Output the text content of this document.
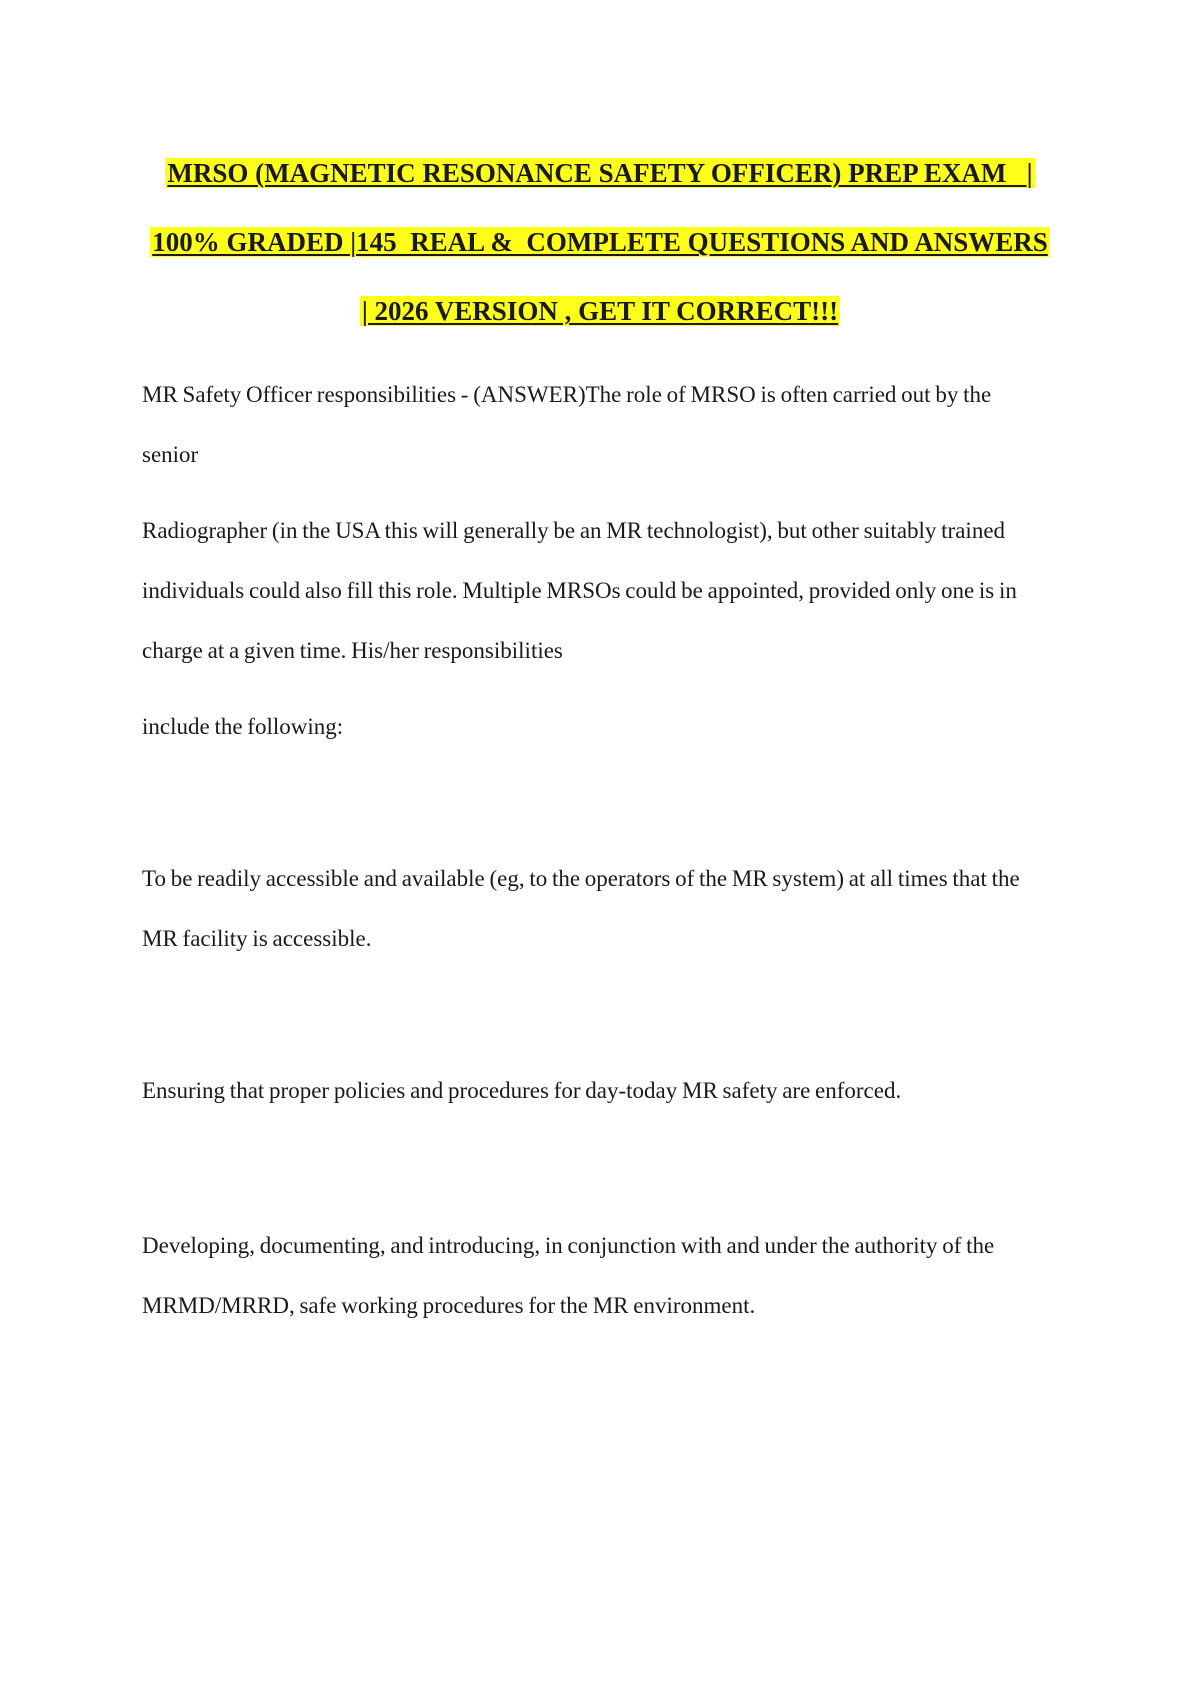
MRSO (MAGNETIC RESONANCE SAFETY OFFICER) PREP EXAM   |
100% GRADED |145  REAL &  COMPLETE QUESTIONS AND ANSWERS
| 2026 VERSION , GET IT CORRECT!!!
MR Safety Officer responsibilities - (ANSWER)The role of MRSO is often carried out by the
senior
Radiographer (in the USA this will generally be an MR technologist), but other suitably trained
individuals could also fill this role. Multiple MRSOs could be appointed, provided only one is in
charge at a given time. His/her responsibilities
include the following:
To be readily accessible and available (eg, to the operators of the MR system) at all times that the
MR facility is accessible.
Ensuring that proper policies and procedures for day-today MR safety are enforced.
Developing, documenting, and introducing, in conjunction with and under the authority of the
MRMD/MRRD, safe working procedures for the MR environment.
